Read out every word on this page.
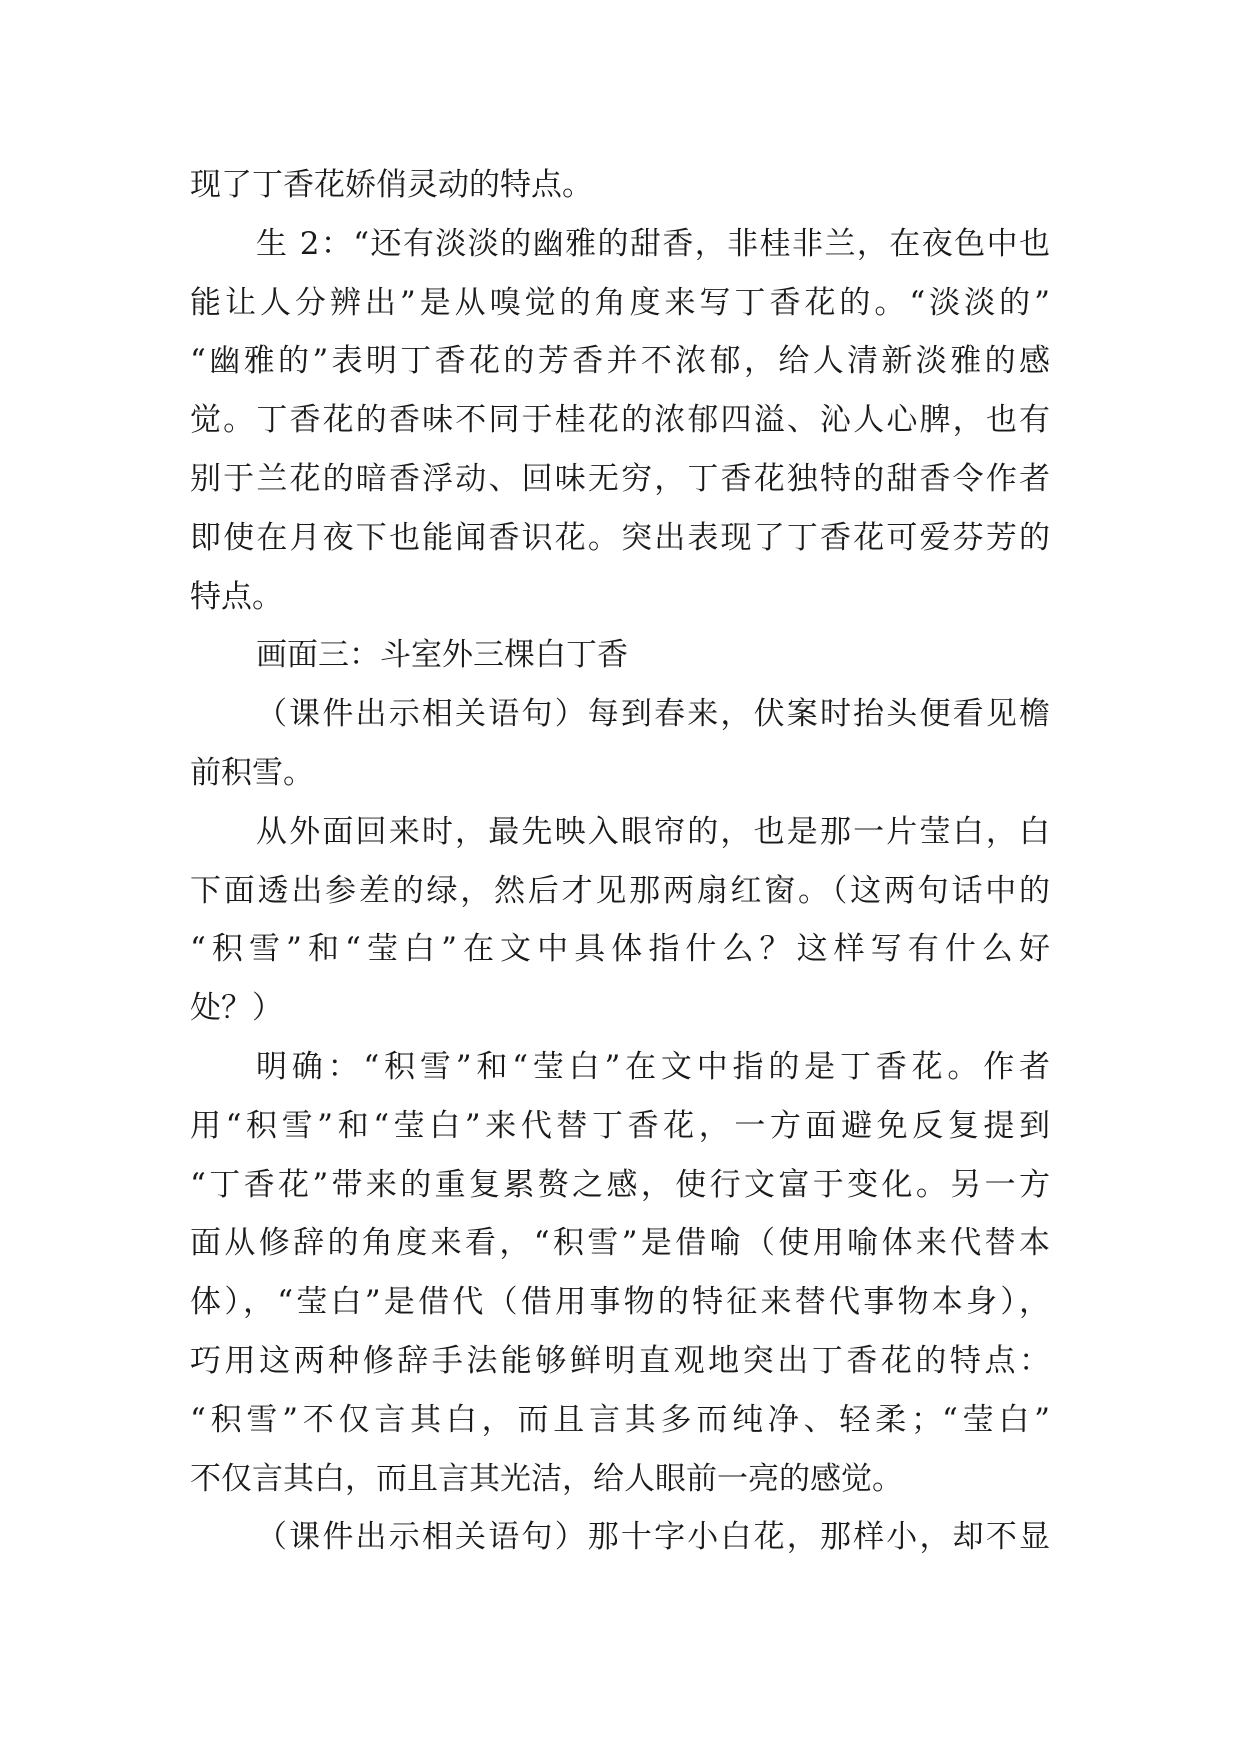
现了丁香花娇俏灵动的特点。
生 2：“还有淡淡的幽雅的甜香，非桂非兰，在夜色中也
能让人分辨出”是从嗅觉的角度来写丁香花的。“淡淡的”
“幽雅的”表明丁香花的芳香并不浓郁，给人清新淡雅的感
觉。丁香花的香味不同于桂花的浓郁四溢、沁人心脾，也有
别于兰花的暗香浮动、回味无穷，丁香花独特的甜香令作者
即使在月夜下也能闻香识花。突出表现了丁香花可爱芬芳的
特点。
画面三：斗室外三棵白丁香
（课件出示相关语句）每到春来，伏案时抬头便看见檐
前积雪。
从外面回来时，最先映入眼帘的，也是那一片莹白，白
下面透出参差的绿，然后才见那两扇红窗。（这两句话中的
“积雪”和“莹白”在文中具体指什么？这样写有什么好
处？）
明确：“积雪”和“莹白”在文中指的是丁香花。作者
用“积雪”和“莹白”来代替丁香花，一方面避免反复提到
“丁香花”带来的重复累赘之感，使行文富于变化。另一方
面从修辞的角度来看，“积雪”是借喻（使用喻体来代替本
体），“莹白”是借代（借用事物的特征来替代事物本身），
巧用这两种修辞手法能够鲜明直观地突出丁香花的特点：
“积雪”不仅言其白，而且言其多而纯净、轻柔；“莹白”
不仅言其白，而且言其光洁，给人眼前一亮的感觉。
（课件出示相关语句）那十字小白花，那样小，却不显
